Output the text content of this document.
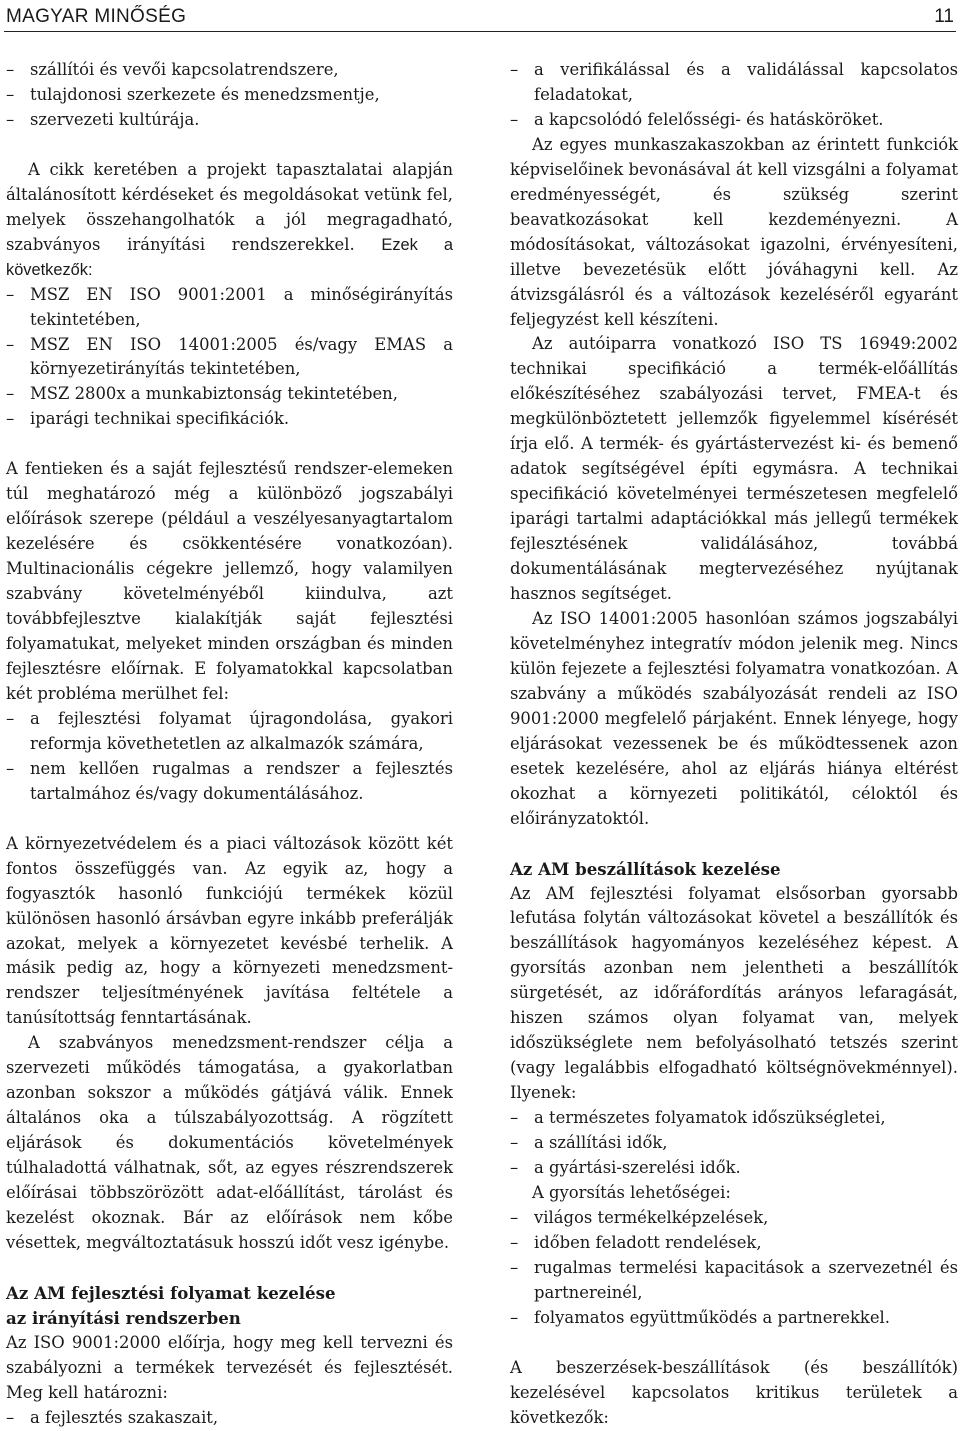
MAGYAR MINŐSÉG	11
– szállítói és vevői kapcsolatrendszere,
– tulajdonosi szerkezete és menedzsmentje,
– szervezeti kultúrája.

A cikk keretében a projekt tapasztalatai alapján általánosított kérdéseket és megoldásokat vetünk fel, melyek összehangolhatók a jól megragadható, szabványos irányítási rendszerekkel. Ezek a következők:

– MSZ EN ISO 9001:2001 a minőségirányítás tekintetében,
– MSZ EN ISO 14001:2005 és/vagy EMAS a környezetirányítás tekintetében,
– MSZ 2800x a munkabiztonság tekintetében,
– iparági technikai specifikációk.

A fentieken és a saját fejlesztésű rendszer-elemeken túl meghatározó még a különböző jogszabályi előírások szerepe (például a veszélyesanyagtartalom kezelésére és csökkentésére vonatkozóan). Multinacionális cégekre jellemző, hogy valamilyen szabvány követelményéből kiindulva, azt továbbfejlesztve kialakítják saját fejlesztési folyamatukat, melyeket minden országban és minden fejlesztésre előírnak. E folyamatokkal kapcsolatban két probléma merülhet fel:

– a fejlesztési folyamat újragondolása, gyakori reformja követhetetlen az alkalmazók számára,
– nem kellően rugalmas a rendszer a fejlesztés tartalmához és/vagy dokumentálásához.

A környezetvédelem és a piaci változások között két fontos összefüggés van. Az egyik az, hogy a fogyasztók hasonló funkciójú termékek közül különösen hasonló ársávban egyre inkább preferálják azokat, melyek a környezetet kevésbé terhelik. A másik pedig az, hogy a környezeti menedzsment-rendszer teljesítményének javítása feltétele a tanúsítottság fenntartásának.

A szabványos menedzsment-rendszer célja a szervezeti működés támogatása, a gyakorlatban azonban sokszor a működés gátjává válik. Ennek általános oka a túlszabályozottság. A rögzített eljárások és dokumentációs követelmények túlhaladottá válhatnak, sőt, az egyes részrendszerek előírásai többszörözött adat-előállítást, tárolást és kezelést okoznak. Bár az előírások nem kőbe vésettek, megváltoztatásuk hosszú időt vesz igénybe.

Az AM fejlesztési folyamat kezelése
az irányítási rendszerben

Az ISO 9001:2000 előírja, hogy meg kell tervezni és szabályozni a termékek tervezését és fejlesztését. Meg kell határozni:

– a fejlesztés szakaszait,
– a verifikálással és a validálással kapcsolatos feladatokat,
– a kapcsolódó felelősségi- és hatásköröket.

Az egyes munkaszakaszokban az érintett funkciók képviselőinek bevonásával át kell vizsgálni a folyamat eredményességét, és szükség szerint beavatkozásokat kell kezdeményezni. A módosításokat, változásokat igazolni, érvényesíteni, illetve bevezetésük előtt jóváhagyni kell. Az átvizsgálásról és a változások kezeléséről egyaránt feljegyzést kell készíteni.

Az autóiparra vonatkozó ISO TS 16949:2002 technikai specifikáció a termék-előállítás előkészítéséhez szabályozási tervet, FMEA-t és megkülönböztetett jellemzők figyelemmel kísérését írja elő. A termék- és gyártástervezést ki- és bemenő adatok segítségével építi egymásra. A technikai specifikáció követelményei természetesen megfelelő iparági tartalmi adaptációkkal más jellegű termékek fejlesztésének validálásához, továbbá dokumentálásának megtervezéséhez nyújtanak hasznos segítséget.

Az ISO 14001:2005 hasonlóan számos jogszabályi követelményhez integratív módon jelenik meg. Nincs külön fejezete a fejlesztési folyamatra vonatkozóan. A szabvány a működés szabályozását rendeli az ISO 9001:2000 megfelelő párjaként. Ennek lényege, hogy eljárásokat vezessenek be és működtessenek azon esetek kezelésére, ahol az eljárás hiánya eltérést okozhat a környezeti politikától, céloktól és előirányzatoktól.

Az AM beszállítások kezelése

Az AM fejlesztési folyamat elsősorban gyorsabb lefutása folytán változásokat követel a beszállítók és beszállítások hagyományos kezeléséhez képest. A gyorsítás azonban nem jelentheti a beszállítók sürgetését, az időráfordítás arányos lefaragását, hiszen számos olyan folyamat van, melyek időszükséglete nem befolyásolható tetszés szerint (vagy legalábbis elfogadható költségnövekménnyel). Ilyenek:

– a természetes folyamatok időszükségletei,
– a szállítási idők,
– a gyártási-szerelési idők.

A gyorsítás lehetőségei:

– világos termékelképzelések,
– időben feladott rendelések,
– rugalmas termelési kapacitások a szervezetnél és partnereinél,
– folyamatos együttműködés a partnerekkel.

A beszerzések-beszállítások (és beszállítók) kezelésével kapcsolatos kritikus területek a következők:
